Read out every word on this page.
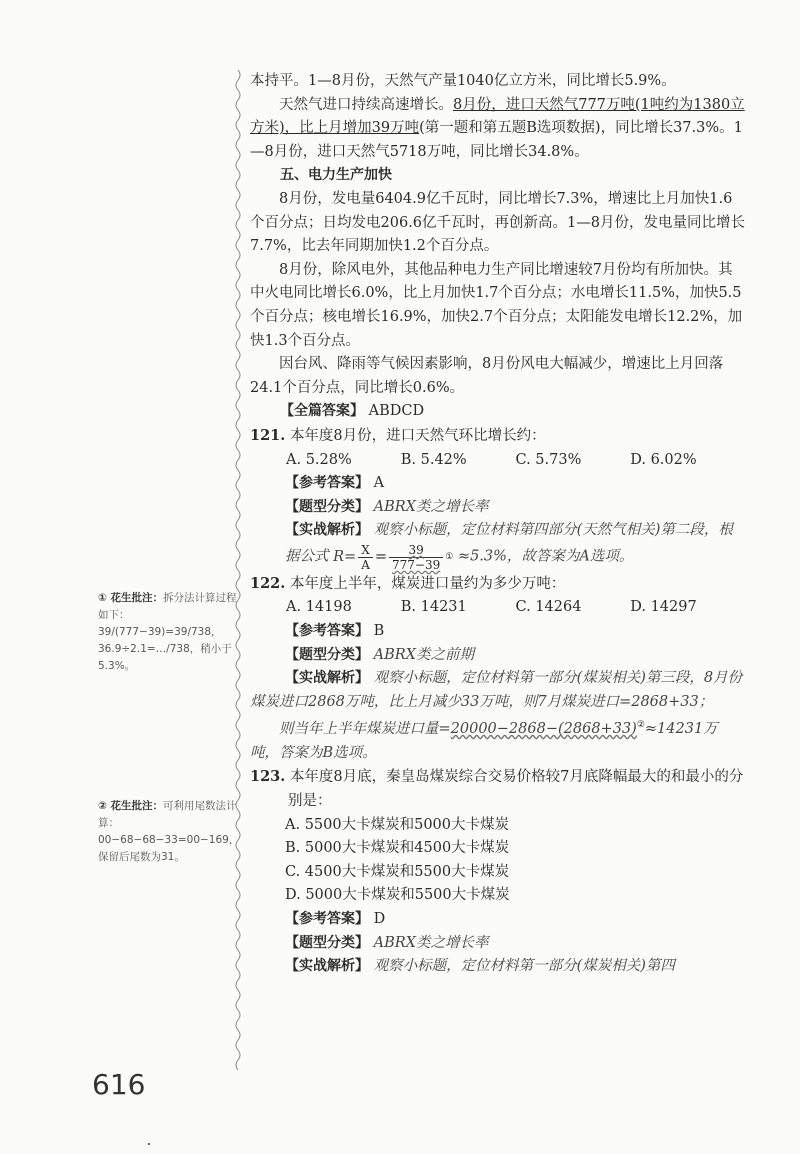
① 花生批注：拆分法计算过程如下：39/(777−39)=39/738，36.9÷2.1=…/738，稍小于5.3%。
② 花生批注：可利用尾数法计算：00−68−68−33=00−169，保留后尾数为31。

本持平。1—8月份，天然气产量1040亿立方米，同比增长5.9%。

天然气进口持续高速增长。8月份，进口天然气777万吨(1吨约为1380立方米)，比上月增加39万吨(第一题和第五题B选项数据)，同比增长37.3%。1—8月份，进口天然气5718万吨，同比增长34.8%。

五、电力生产加快

8月份，发电量6404.9亿千瓦时，同比增长7.3%，增速比上月加快1.6个百分点；日均发电206.6亿千瓦时，再创新高。1—8月份，发电量同比增长7.7%，比去年同期加快1.2个百分点。

8月份，除风电外，其他品种电力生产同比增速较7月份均有所加快。其中火电同比增长6.0%，比上月加快1.7个百分点；水电增长11.5%，加快5.5个百分点；核电增长16.9%，加快2.7个百分点；太阳能发电增长12.2%，加快1.3个百分点。

因台风、降雨等气候因素影响，8月份风电大幅减少，增速比上月回落24.1个百分点，同比增长0.6%。

【全篇答案】 ABDCD

121. 本年度8月份，进口天然气环比增长约：

A. 5.28%	B. 5.42%	C. 5.73%	D. 6.02%

【参考答案】 A

【题型分类】 ABRX类之增长率

【实战解析】 观察小标题，定位材料第四部分(天然气相关)第二段，根据公式 $R= \frac{X}{A} = \frac{39}{777-39}$ ① ≈5.3%，故答案为A选项。

122. 本年度上半年，煤炭进口量约为多少万吨：

A. 14198	B. 14231	C. 14264	D. 14297

【参考答案】 B

【题型分类】 ABRX类之前期

【实战解析】 观察小标题，定位材料第一部分(煤炭相关)第三段，8月份煤炭进口2868万吨，比上月减少33万吨，则7月煤炭进口=2868+33；

则当年上半年煤炭进口量=20000−2868−(2868+33)②≈14231万吨，答案为B选项。

123. 本年度8月底，秦皇岛煤炭综合交易价格较7月底降幅最大的和最小的分别是：

A. 5500大卡煤炭和5000大卡煤炭

B. 5000大卡煤炭和4500大卡煤炭

C. 4500大卡煤炭和5500大卡煤炭

D. 5000大卡煤炭和5500大卡煤炭

【参考答案】 D

【题型分类】 ABRX类之增长率

【实战解析】 观察小标题，定位材料第一部分(煤炭相关)第四

616
